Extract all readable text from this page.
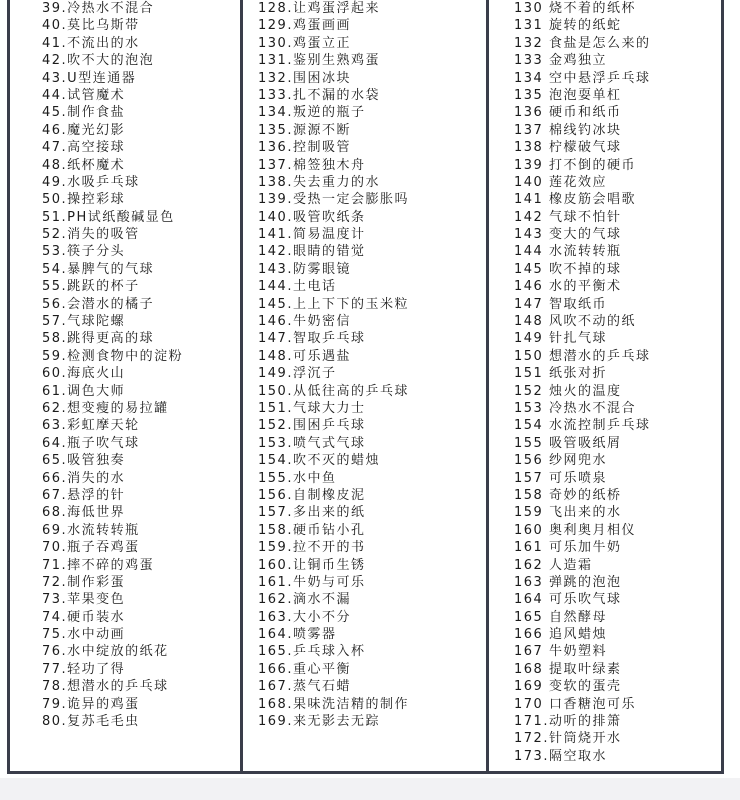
39.冷热水不混合
40.莫比乌斯带
41.不流出的水
42.吹不大的泡泡
43.U型连通器
44.试管魔术
45.制作食盐
46.魔光幻影
47.高空接球
48.纸杯魔术
49.水吸乒乓球
50.操控彩球
51.PH试纸酸碱显色
52.消失的吸管
53.筷子分头
54.暴脾气的气球
55.跳跃的杯子
56.会潜水的橘子
57.气球陀螺
58.跳得更高的球
59.检测食物中的淀粉
60.海底火山
61.调色大师
62.想变瘦的易拉罐
63.彩虹摩天轮
64.瓶子吹气球
65.吸管独奏
66.消失的水
67.悬浮的针
68.海低世界
69.水流转转瓶
70.瓶子吞鸡蛋
71.摔不碎的鸡蛋
72.制作彩蛋
73.苹果变色
74.硬币装水
75.水中动画
76.水中绽放的纸花
77.轻功了得
78.想潜水的乒乓球
79.诡异的鸡蛋
80.复苏毛毛虫
128.让鸡蛋浮起来
129.鸡蛋画画
130.鸡蛋立正
131.鉴别生熟鸡蛋
132.围困冰块
133.扎不漏的水袋
134.叛逆的瓶子
135.源源不断
136.控制吸管
137.棉签独木舟
138.失去重力的水
139.受热一定会膨胀吗
140.吸管吹纸条
141.简易温度计
142.眼睛的错觉
143.防雾眼镜
144.土电话
145.上上下下的玉米粒
146.牛奶密信
147.智取乒乓球
148.可乐遇盐
149.浮沉子
150.从低往高的乒乓球
151.气球大力士
152.围困乒乓球
153.喷气式气球
154.吹不灭的蜡烛
155.水中鱼
156.自制橡皮泥
157.多出来的纸
158.硬币钻小孔
159.拉不开的书
160.让铜币生锈
161.牛奶与可乐
162.滴水不漏
163.大小不分
164.喷雾器
165.乒乓球入杯
166.重心平衡
167.蒸气石蜡
168.果味洗洁精的制作
169.来无影去无踪
130 烧不着的纸杯
131 旋转的纸蛇
132 食盐是怎么来的
133 金鸡独立
134 空中悬浮乒乓球
135 泡泡耍单杠
136 硬币和纸币
137 棉线钓冰块
138 柠檬破气球
139 打不倒的硬币
140 莲花效应
141 橡皮筋会唱歌
142 气球不怕针
143 变大的气球
144 水流转转瓶
145 吹不掉的球
146 水的平衡术
147 智取纸币
148 风吹不动的纸
149 针扎气球
150 想潜水的乒乓球
151 纸张对折
152 烛火的温度
153 冷热水不混合
154 水流控制乒乓球
155 吸管吸纸屑
156 纱网兜水
157 可乐喷泉
158 奇妙的纸桥
159 飞出来的水
160 奥利奥月相仪
161 可乐加牛奶
162 人造霜
163 弹跳的泡泡
164 可乐吹气球
165 自然酵母
166 追风蜡烛
167 牛奶塑料
168 提取叶绿素
169 变软的蛋壳
170 口香糖泡可乐
171.动听的排箫
172.针筒烧开水
173.隔空取水
